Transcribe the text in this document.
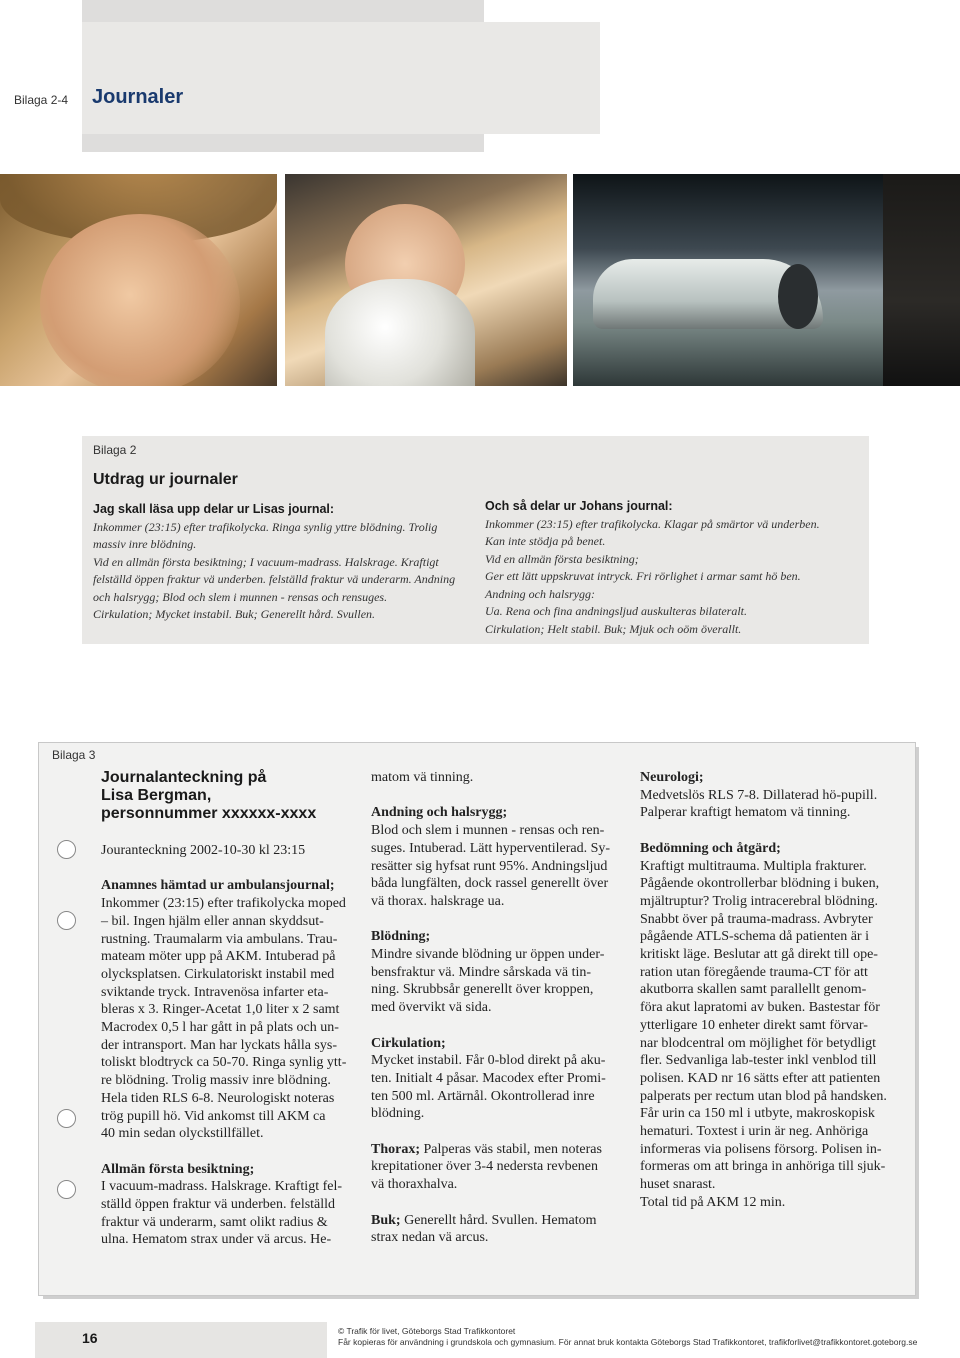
Bilaga 2-4 Journaler
Bilaga 2
Utdrag ur journaler
Jag skall läsa upp delar ur Lisas journal:
Inkommer (23:15) efter trafikolycka. Ringa synlig yttre blödning. Trolig
massiv inre blödning.
Vid en allmän första besiktning; I vacuum-madrass. Halskrage. Kraftigt
felställd öppen fraktur vä underben. felställd fraktur vä underarm. Andning
och halsrygg; Blod och slem i munnen - rensas och rensuges.
Cirkulation; Mycket instabil. Buk; Generellt hård. Svullen.
Och så delar ur Johans journal:
Inkommer (23:15) efter trafikolycka. Klagar på smärtor vä underben.
Kan inte stödja på benet.
Vid en allmän första besiktning;
Ger ett lätt uppskruvat intryck. Fri rörlighet i armar samt hö ben.
Andning och halsrygg:
Ua. Rena och fina andningsljud auskulteras bilateralt.
Cirkulation; Helt stabil. Buk; Mjuk och oöm överallt.
Bilaga 3
Journalanteckning på
Lisa Bergman,
personnummer xxxxxx-xxxx
Jouranteckning 2002-10-30 kl 23:15
Anamnes hämtad ur ambulansjournal;
Inkommer (23:15) efter trafikolycka moped
– bil. Ingen hjälm eller annan skyddsut-
rustning. Traumalarm via ambulans. Trau-
mateam möter upp på AKM. Intuberad på
olycksplatsen. Cirkulatoriskt instabil med
sviktande tryck. Intravenösa infarter eta-
bleras x 3. Ringer-Acetat 1,0 liter x 2 samt
Macrodex 0,5 l har gått in på plats och un-
der intransport. Man har lyckats hålla sys-
toliskt blodtryck ca 50-70. Ringa synlig ytt-
re blödning. Trolig massiv inre blödning.
Hela tiden RLS 6-8. Neurologiskt noteras
trög pupill hö. Vid ankomst till AKM ca
40 min sedan olyckstillfället.
Allmän första besiktning;
I vacuum-madrass. Halskrage. Kraftigt fel-
ställd öppen fraktur vä underben. felställd
fraktur vä underarm, samt olikt radius &
ulna. Hematom strax under vä arcus. He-
matom vä tinning.
Andning och halsrygg;
Blod och slem i munnen - rensas och ren-
suges. Intuberad. Lätt hyperventilerad. Sy-
resätter sig hyfsat runt 95%. Andningsljud
båda lungfälten, dock rassel generellt över
vä thorax. halskrage ua.
Blödning;
Mindre sivande blödning ur öppen under-
bensfraktur vä. Mindre sårskada vä tin-
ning. Skrubbsår generellt över kroppen,
med övervikt vä sida.
Cirkulation;
Mycket instabil. Får 0-blod direkt på aku-
ten. Initialt 4 påsar. Macodex efter Promi-
ten 500 ml. Artärnål. Okontrollerad inre
blödning.
Thorax; Palperas väs stabil, men noteras
krepitationer över 3-4 nedersta revbenen
vä thoraxhalva.
Buk; Generellt hård. Svullen. Hematom
strax nedan vä arcus.
Neurologi;
Medvetslös RLS 7-8. Dillaterad hö-pupill.
Palperar kraftigt hematom vä tinning.
Bedömning och åtgärd;
Kraftigt multitrauma. Multipla frakturer.
Pågående okontrollerbar blödning i buken,
mjältruptur? Trolig intracerebral blödning.
Snabbt över på trauma-madrass. Avbryter
pågående ATLS-schema då patienten är i
kritiskt läge. Beslutar att gå direkt till ope-
ration utan föregående trauma-CT för att
akutborra skallen samt parallellt genom-
föra akut lapratomi av buken. Bastestar för
ytterligare 10 enheter direkt samt förvar-
nar blodcentral om möjlighet för betydligt
fler. Sedvanliga lab-tester inkl venblod till
polisen. KAD nr 16 sätts efter att patienten
palperats per rectum utan blod på handsken.
Får urin ca 150 ml i utbyte, makroskopisk
hematuri. Toxtest i urin är neg. Anhöriga
informeras via polisens försorg. Polisen in-
formeras om att bringa in anhöriga till sjuk-
huset snarast.
Total tid på AKM 12 min.
16	© Trafik för livet, Göteborgs Stad Trafikkontoret
Får kopieras för användning i grundskola och gymnasium. För annat bruk kontakta Göteborgs Stad Trafikkontoret, trafikforlivet@trafikkontoret.goteborg.se
